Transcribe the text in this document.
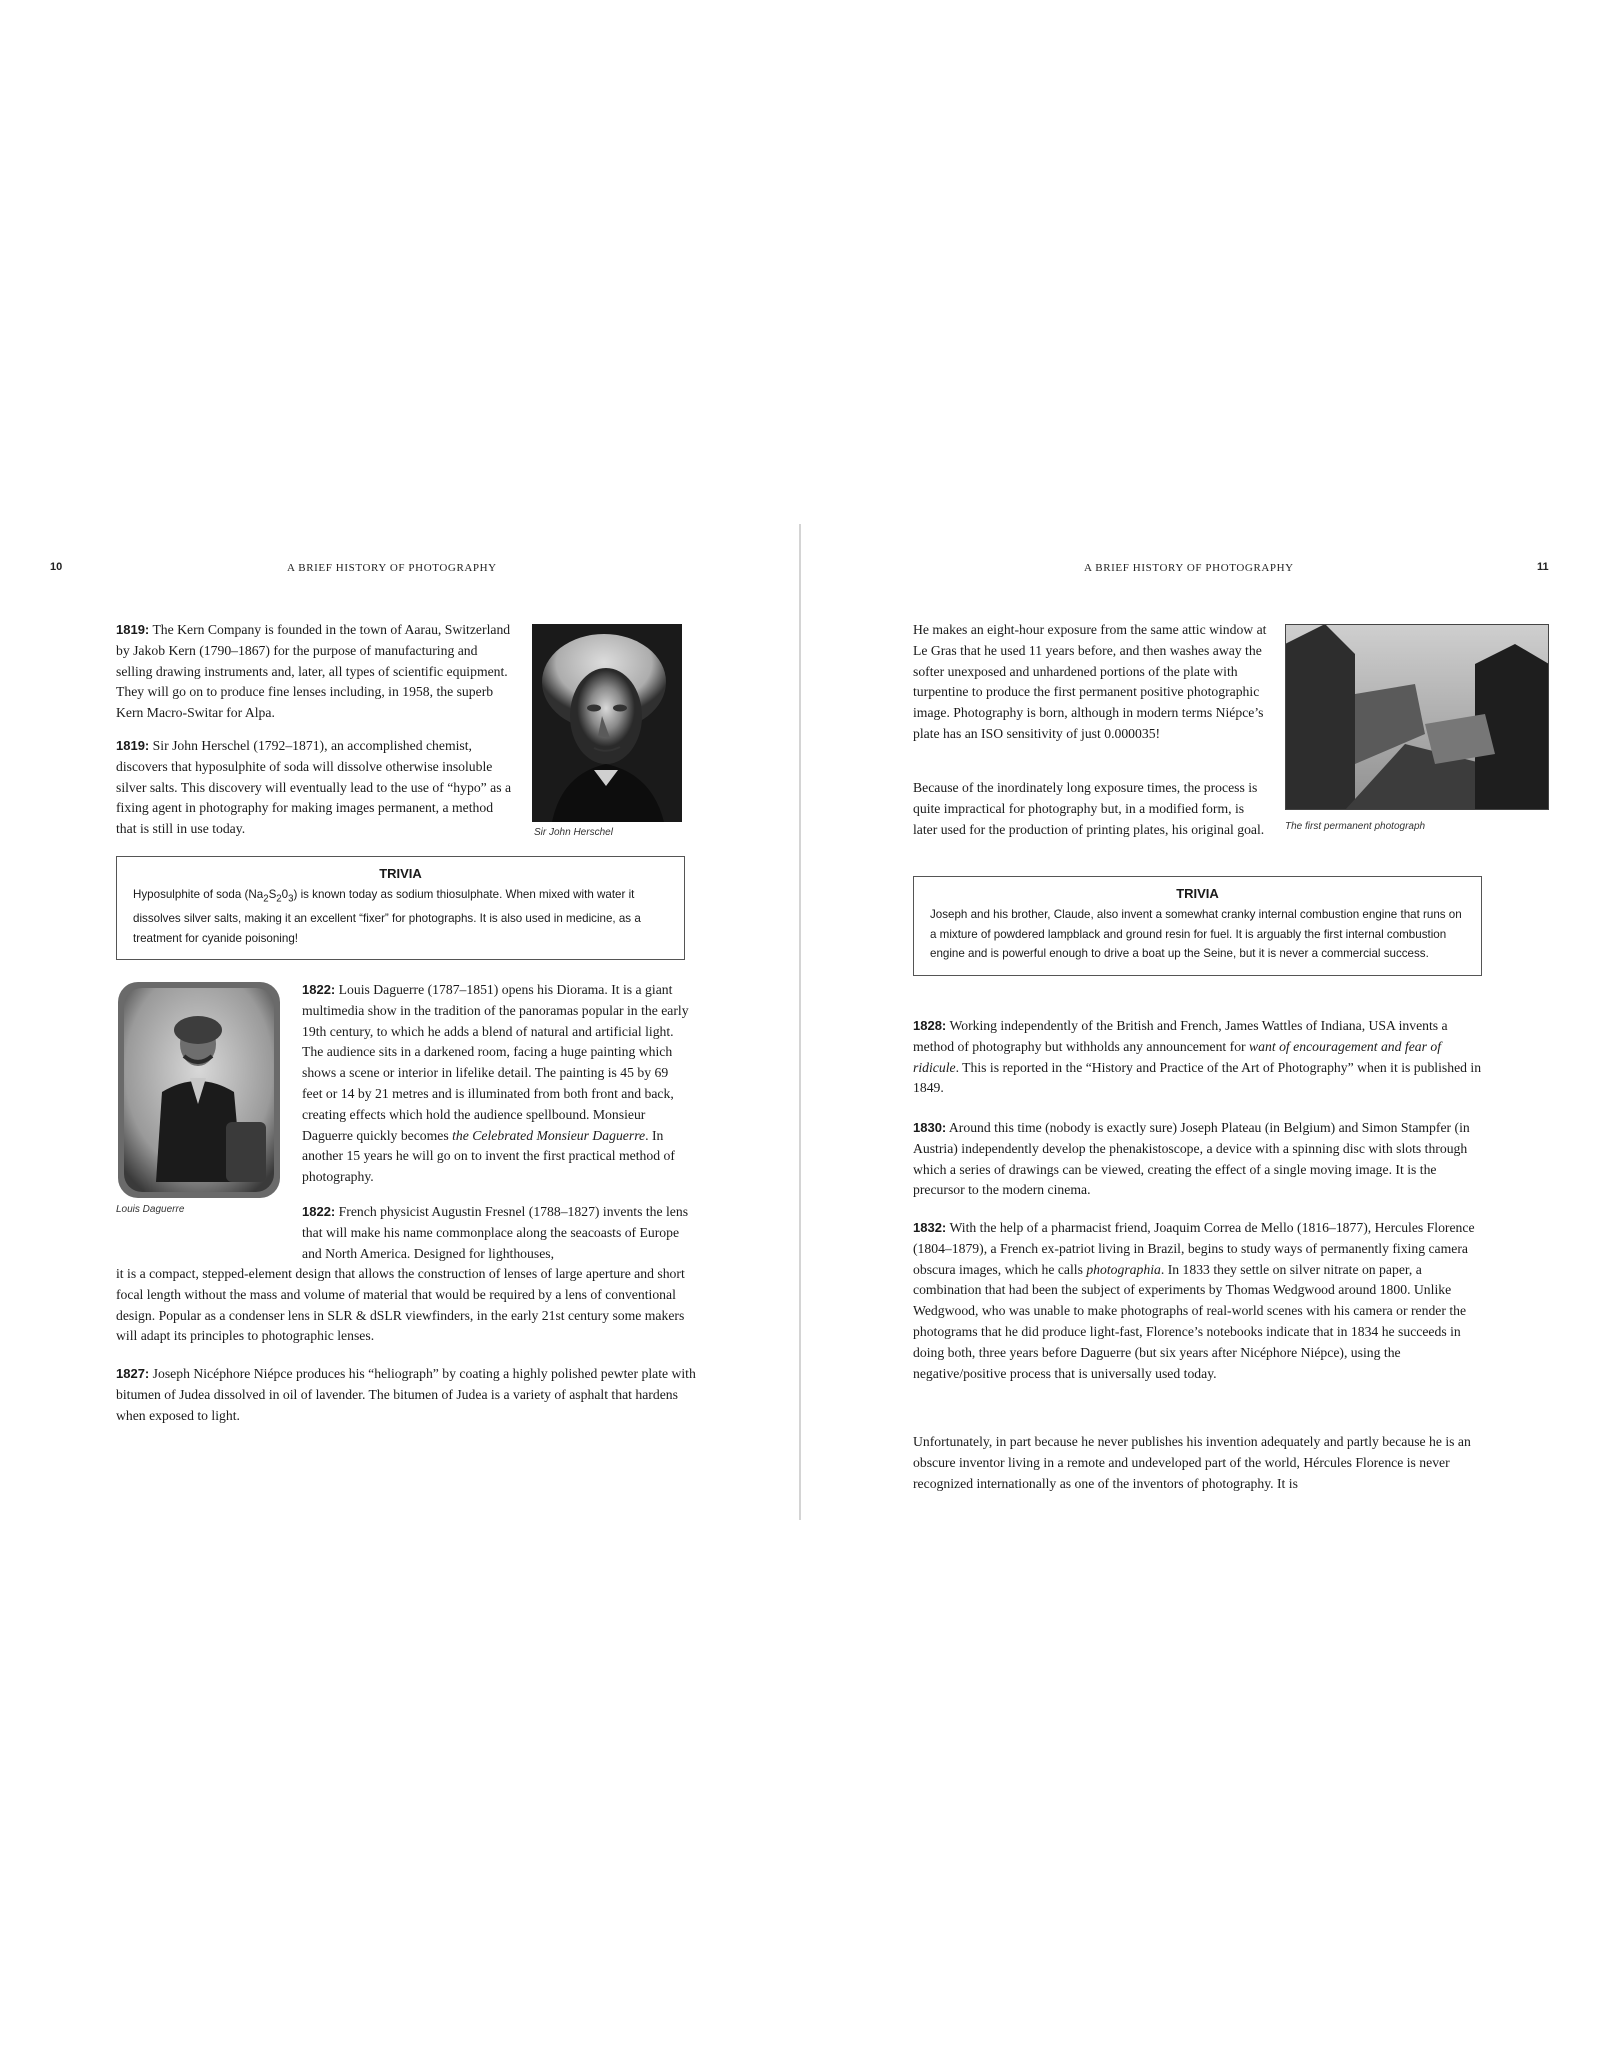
10	A BRIEF HISTORY OF PHOTOGRAPHY
Sir John Herschel

1819: The Kern Company is founded in the town of Aarau, Switzerland by Jakob Kern (1790–1867) for the purpose of manufacturing and selling drawing instruments and, later, all types of scientific equipment. They will go on to produce fine lenses including, in 1958, the superb Kern Macro-Switar for Alpa.

1819: Sir John Herschel (1792–1871), an accomplished chemist, discovers that hyposulphite of soda will dissolve otherwise insoluble silver salts. This discovery will eventually lead to the use of “hypo” as a fixing agent in photography for making images permanent, a method that is still in use today.

TRIVIA
Hyposulphite of soda $(Na_2S_20_3)$ is known today as sodium thiosulphate. When mixed with water it dissolves silver salts, making it an excellent “fixer” for photographs. It is also used in medicine, as a treatment for cyanide poisoning!
Louis Daguerre

1822: Louis Daguerre (1787–1851) opens his Diorama. It is a giant multimedia show in the tradition of the panoramas popular in the early 19th century, to which he adds a blend of natural and artificial light. The audience sits in a darkened room, facing a huge painting which shows a scene or interior in lifelike detail. The painting is 45 by 69 feet or 14 by 21 metres and is illuminated from both front and back, creating effects which hold the audience spellbound. Monsieur Daguerre quickly becomes the Celebrated Monsieur Daguerre. In another 15 years he will go on to invent the first practical method of photography.

1822: French physicist Augustin Fresnel (1788–1827) invents the lens that will make his name commonplace along the seacoasts of Europe and North America. Designed for lighthouses,

it is a compact, stepped-element design that allows the construction of lenses of large aperture and short focal length without the mass and volume of material that would be required by a lens of conventional design. Popular as a condenser lens in SLR & dSLR viewfinders, in the early 21st century some makers will adapt its principles to photographic lenses.

1827: Joseph Nicéphore Niépce produces his “heliograph” by coating a highly polished pewter plate with bitumen of Judea dissolved in oil of lavender. The bitumen of Judea is a variety of asphalt that hardens when exposed to light.

A BRIEF HISTORY OF PHOTOGRAPHY	11
The first permanent photograph

He makes an eight-hour exposure from the same attic window at Le Gras that he used 11 years before, and then washes away the softer unexposed and unhardened portions of the plate with turpentine to produce the first permanent positive photographic image. Photography is born, although in modern terms Niépce’s plate has an ISO sensitivity of just 0.000035!

Because of the inordinately long exposure times, the process is quite impractical for photography but, in a modified form, is later used for the production of printing plates, his original goal.

TRIVIA
Joseph and his brother, Claude, also invent a somewhat cranky internal combustion engine that runs on a mixture of powdered lampblack and ground resin for fuel. It is arguably the first internal combustion engine and is powerful enough to drive a boat up the Seine, but it is never a commercial success.

1828: Working independently of the British and French, James Wattles of Indiana, USA invents a method of photography but withholds any announcement for want of encouragement and fear of ridicule. This is reported in the “History and Practice of the Art of Photography” when it is published in 1849.

1830: Around this time (nobody is exactly sure) Joseph Plateau (in Belgium) and Simon Stampfer (in Austria) independently develop the phenakistoscope, a device with a spinning disc with slots through which a series of drawings can be viewed, creating the effect of a single moving image. It is the precursor to the modern cinema.

1832: With the help of a pharmacist friend, Joaquim Correa de Mello (1816–1877), Hercules Florence (1804–1879), a French ex-patriot living in Brazil, begins to study ways of permanently fixing camera obscura images, which he calls photographia. In 1833 they settle on silver nitrate on paper, a combination that had been the subject of experiments by Thomas Wedgwood around 1800. Unlike Wedgwood, who was unable to make photographs of real-world scenes with his camera or render the photograms that he did produce light-fast, Florence’s notebooks indicate that in 1834 he succeeds in doing both, three years before Daguerre (but six years after Nicéphore Niépce), using the negative/positive process that is universally used today.

Unfortunately, in part because he never publishes his invention adequately and partly because he is an obscure inventor living in a remote and undeveloped part of the world, Hércules Florence is never recognized internationally as one of the inventors of photography. It is
